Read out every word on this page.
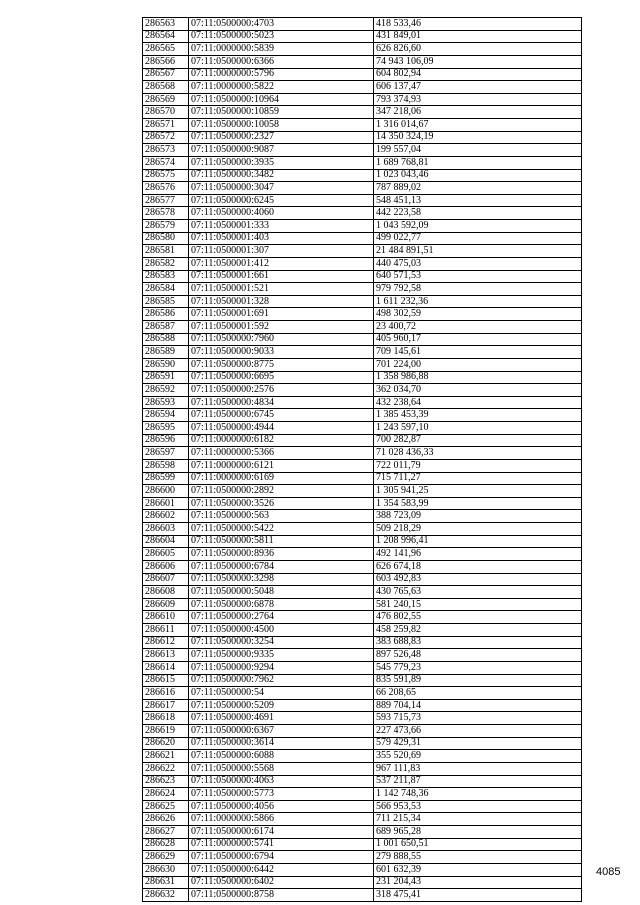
286563	07:11:0500000:4703	418 533,46
286564	07:11:0500000:5023	431 849,01
286565	07:11:0000000:5839	626 826,60
286566	07:11:0500000:6366	74 943 106,09
286567	07:11:0000000:5796	604 802,94
286568	07:11:0000000:5822	606 137,47
286569	07:11:0500000:10964	793 374,93
286570	07:11:0500000:10859	347 218,06
286571	07:11:0500000:10058	1 316 014,67
286572	07:11:0500000:2327	14 350 324,19
286573	07:11:0500000:9087	199 557,04
286574	07:11:0500000:3935	1 689 768,81
286575	07:11:0500000:3482	1 023 043,46
286576	07:11:0500000:3047	787 889,02
286577	07:11:0500000:6245	548 451,13
286578	07:11:0500000:4060	442 223,58
286579	07:11:0500001:333	1 043 592,09
286580	07:11:0500001:403	499 022,77
286581	07:11:0500001:307	21 484 891,51
286582	07:11:0500001:412	440 475,03
286583	07:11:0500001:661	640 571,53
286584	07:11:0500001:521	979 792,58
286585	07:11:0500001:328	1 611 232,36
286586	07:11:0500001:691	498 302,59
286587	07:11:0500001:592	23 400,72
286588	07:11:0500000:7960	405 960,17
286589	07:11:0500000:9033	709 145,61
286590	07:11:0500000:8775	701 224,00
286591	07:11:0500000:6695	1 358 986,88
286592	07:11:0500000:2576	362 034,70
286593	07:11:0500000:4834	432 238,64
286594	07:11:0500000:6745	1 385 453,39
286595	07:11:0500000:4944	1 243 597,10
286596	07:11:0000000:6182	700 282,87
286597	07:11:0000000:5366	71 028 436,33
286598	07:11:0000000:6121	722 011,79
286599	07:11:0000000:6169	715 711,27
286600	07:11:0500000:2892	1 305 941,25
286601	07:11:0500000:3526	1 354 583,99
286602	07:11:0500000:563	388 723,09
286603	07:11:0500000:5422	509 218,29
286604	07:11:0500000:5811	1 208 996,41
286605	07:11:0500000:8936	492 141,96
286606	07:11:0500000:6784	626 674,18
286607	07:11:0500000:3298	603 492,83
286608	07:11:0500000:5048	430 765,63
286609	07:11:0500000:6878	581 240,15
286610	07:11:0500000:2764	476 802,55
286611	07:11:0500000:4500	458 259,82
286612	07:11:0500000:3254	383 688,83
286613	07:11:0500000:9335	897 526,48
286614	07:11:0500000:9294	545 779,23
286615	07:11:0500000:7962	835 591,89
286616	07:11:0500000:54	66 208,65
286617	07:11:0500000:5209	889 704,14
286618	07:11:0500000:4691	593 715,73
286619	07:11:0500000:6367	227 473,66
286620	07:11:0500000:3614	579 429,31
286621	07:11:0500000:6088	355 520,69
286622	07:11:0500000:5568	967 111,83
286623	07:11:0500000:4063	537 211,87
286624	07:11:0500000:5773	1 142 748,36
286625	07:11:0500000:4056	566 953,53
286626	07:11:0000000:5866	711 215,34
286627	07:11:0500000:6174	689 965,28
286628	07:11:0000000:5741	1 001 650,51
286629	07:11:0500000:6794	279 888,55
286630	07:11:0500000:6442	601 632,39
286631	07:11:0500000:6402	231 204,43
286632	07:11:0500000:8758	318 475,41
4085
